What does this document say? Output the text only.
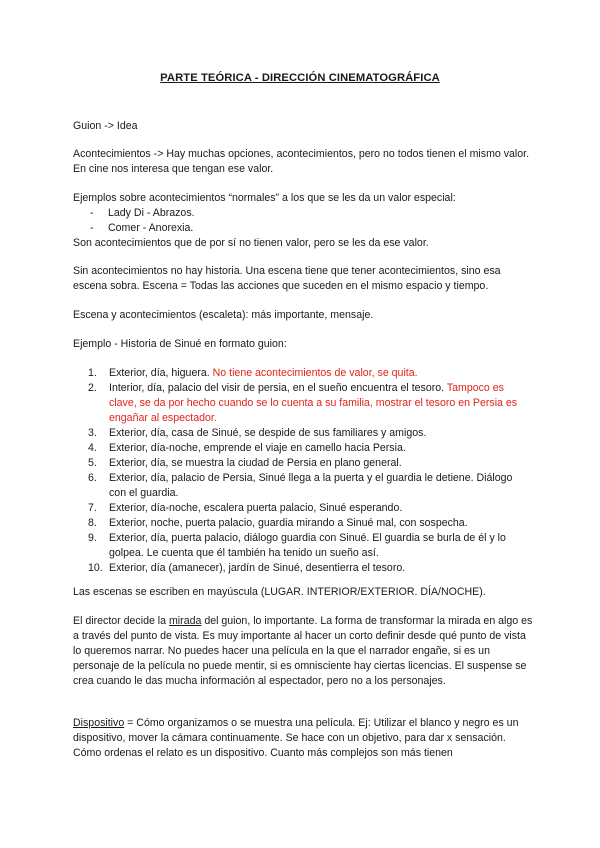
PARTE TEÓRICA - DIRECCIÓN CINEMATOGRÁFICA

Guion -> Idea

Acontecimientos -> Hay muchas opciones, acontecimientos, pero no todos tienen el mismo valor. En cine nos interesa que tengan ese valor.

Ejemplos sobre acontecimientos “normales” a los que se les da un valor especial:

- Lady Di - Abrazos.
- Comer - Anorexia.

Son acontecimientos que de por sí no tienen valor, pero se les da ese valor.

Sin acontecimientos no hay historia. Una escena tiene que tener acontecimientos, sino esa escena sobra. Escena = Todas las acciones que suceden en el mismo espacio y tiempo.

Escena y acontecimientos (escaleta): más importante, mensaje.

Ejemplo - Historia de Sinué en formato guion:

1.	Exterior, día, higuera. No tiene acontecimientos de valor, se quita.
2.	Interior, día, palacio del visir de persia, en el sueño encuentra el tesoro. Tampoco es clave, se da por hecho cuando se lo cuenta a su familia, mostrar el tesoro en Persia es engañar al espectador.
3.	Exterior, día, casa de Sinué, se despide de sus familiares y amigos.
4.	Exterior, día-noche, emprende el viaje en camello hacia Persia.
5.	Exterior, día, se muestra la ciudad de Persia en plano general.
6.	Exterior, día, palacio de Persia, Sinué llega a la puerta y el guardia le detiene. Diálogo con el guardia.
7.	Exterior, día-noche, escalera puerta palacio, Sinué esperando.
8.	Exterior, noche, puerta palacio, guardia mirando a Sinué mal, con sospecha.
9.	Exterior, día, puerta palacio, diálogo guardia con Sinué. El guardia se burla de él y lo golpea. Le cuenta que él también ha tenido un sueño así.
10. Exterior, día (amanecer), jardín de Sinué, desentierra el tesoro.

Las escenas se escriben en mayúscula (LUGAR. INTERIOR/EXTERIOR. DÍA/NOCHE).

El director decide la mirada del guion, lo importante. La forma de transformar la mirada en algo es a través del punto de vista. Es muy importante al hacer un corto definir desde qué punto de vista lo queremos narrar. No puedes hacer una película en la que el narrador engañe, si es un personaje de la película no puede mentir, si es omnisciente hay ciertas licencias. El suspense se crea cuando le das mucha información al espectador, pero no a los personajes.

Dispositivo = Cómo organizamos o se muestra una película. Ej: Utilizar el blanco y negro es un dispositivo, mover la cámara continuamente. Se hace con un objetivo, para dar x sensación. Cómo ordenas el relato es un dispositivo. Cuanto más complejos son más tienen
